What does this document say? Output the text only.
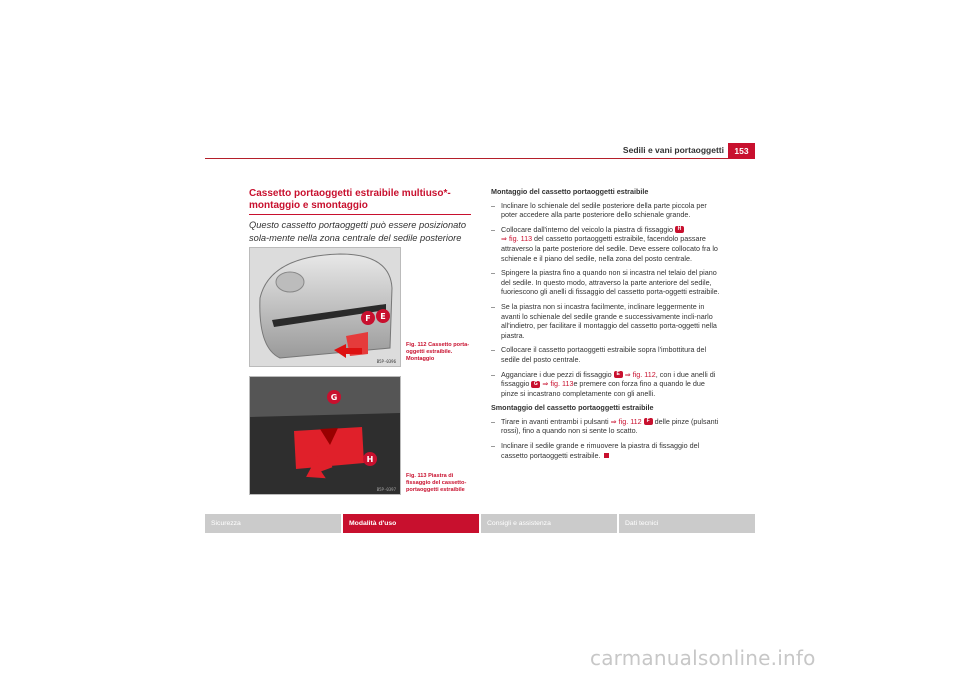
Sedili e vani portaoggetti	153
Cassetto portaoggetti estraibile multiuso*- montaggio e smontaggio
Questo cassetto portaoggetti può essere posizionato sola-mente nella zona centrale del sedile posteriore
F E
B5P-0396
Fig. 112 Cassetto porta-oggetti estraibile. Montaggio
G
H
B5P-0397
Fig. 113 Piastra di fissaggio del cassetto-portaoggetti estraibile
Montaggio del cassetto portaoggetti estraibile
– Inclinare lo schienale del sedile posteriore della parte piccola per poter accedere alla parte posteriore dello schienale grande.
– Collocare dall'interno del veicolo la piastra di fissaggio H
⇒ fig. 113 del cassetto portaoggetti estraibile, facendolo passare attraverso la parte posteriore del sedile. Deve essere collocato fra lo schienale e il piano del sedile, nella zona del posto centrale.
– Spingere la piastra fino a quando non si incastra nel telaio del piano del sedile. In questo modo, attraverso la parte anteriore del sedile, fuoriescono gli anelli di fissaggio del cassetto porta-oggetti estraibile.
– Se la piastra non si incastra facilmente, inclinare leggermente in avanti lo schienale del sedile grande e successivamente incli-narlo all'indietro, per facilitare il montaggio del cassetto porta-oggetti nella piastra.
– Collocare il cassetto portaoggetti estraibile sopra l'imbottitura del sedile del posto centrale.
– Agganciare i due pezzi di fissaggio E ⇒ fig. 112, con i due anelli di fissaggio G ⇒ fig. 113e premere con forza fino a quando le due pinze si incastrano completamente con gli anelli.
Smontaggio del cassetto portaoggetti estraibile
– Tirare in avanti entrambi i pulsanti ⇒ fig. 112 F delle pinze (pulsanti rossi), fino a quando non si sente lo scatto.
– Inclinare il sedile grande e rimuovere la piastra di fissaggio del cassetto portaoggetti estraibile.
Sicurezza	Modalità d'uso	Consigli e assistenza	Dati tecnici
carmanualsonline.info
